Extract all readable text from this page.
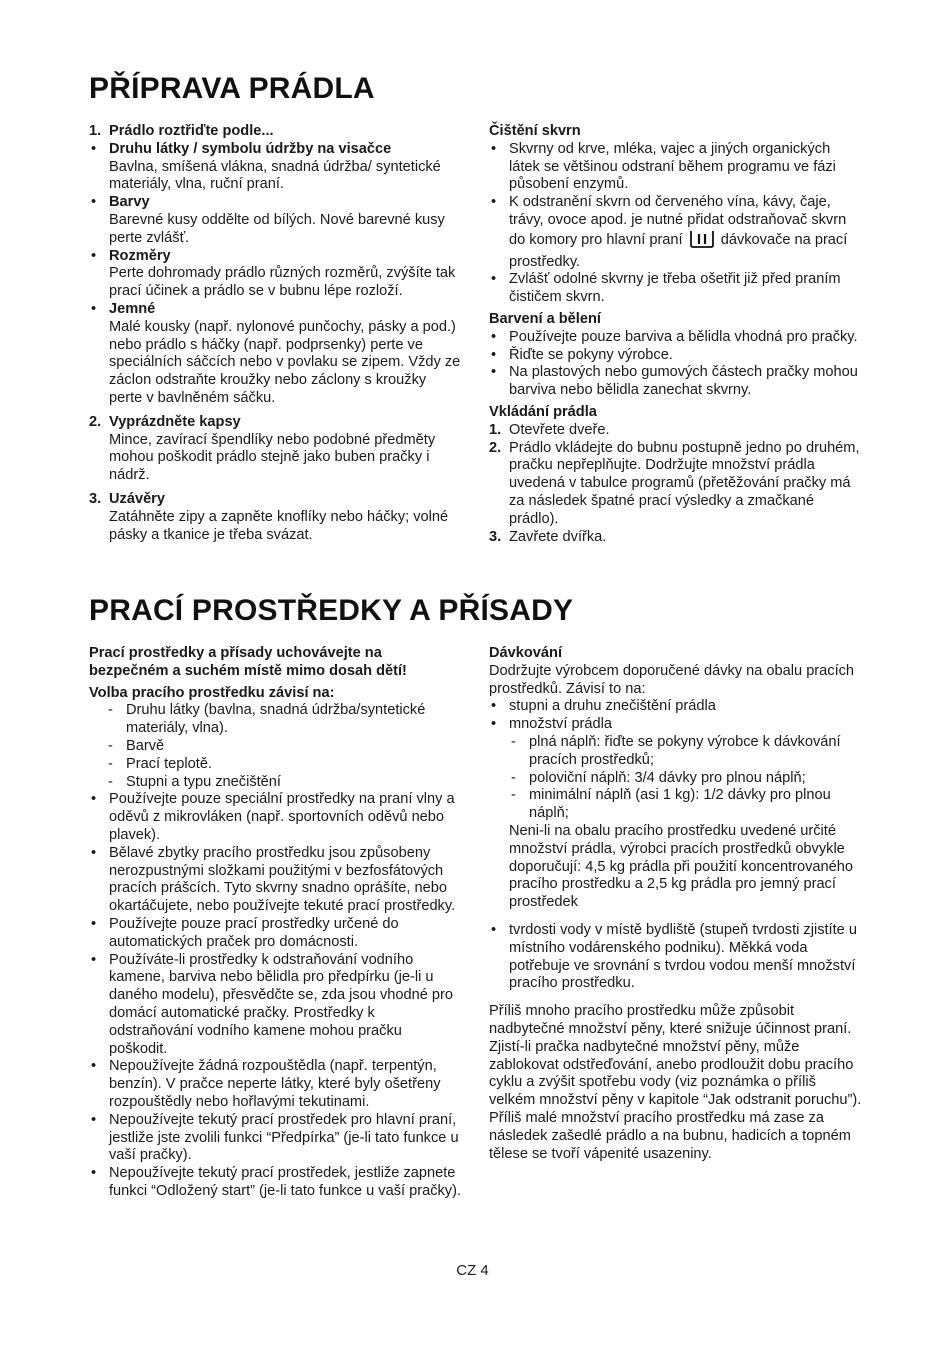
PŘÍPRAVA PRÁDLA
1. Prádlo roztřiďte podle...
• Druhu látky / symbolu údržby na visačce
Bavlna, smíšená vlákna, snadná údržba/ syntetické materiály, vlna, ruční praní.
• Barvy
Barevné kusy oddělte od bílých. Nové barevné kusy perte zvlášť.
• Rozměry
Perte dohromady prádlo různých rozměrů, zvýšíte tak prací účinek a prádlo se v bubnu lépe rozloží.
• Jemné
Malé kousky (např. nylonové punčochy, pásky a pod.) nebo prádlo s háčky (např. podprsenky) perte ve speciálních sáčcích nebo v povlaku se zipem. Vždy ze záclon odstraňte kroužky nebo záclony s kroužky perte v bavlněném sáčku.
2. Vyprázdněte kapsy
Mince, zavírací špendlíky nebo podobné předměty mohou poškodit prádlo stejně jako buben pračky i nádrž.
3. Uzávěry
Zatáhněte zipy a zapněte knoflíky nebo háčky; volné pásky a tkanice je třeba svázat.

Čištění skvrn

• Skvrny od krve, mléka, vajec a jiných organických látek se většinou odstraní během programu ve fázi působení enzymů.
• K odstranění skvrn od červeného vína, kávy, čaje, trávy, ovoce apod. je nutné přidat odstraňovač skvrn do komory pro hlavní praní	dávkovače na prací prostředky.
• Zvlášť odolné skvrny je třeba ošetřit již před praním čističem skvrn.

Barvení a bělení

• Používejte pouze barviva a bělidla vhodná pro pračky.
• Řiďte se pokyny výrobce.
• Na plastových nebo gumových částech pračky mohou barviva nebo bělidla zanechat skvrny.

Vkládání prádla

1. Otevřete dveře.
2. Prádlo vkládejte do bubnu postupně jedno po druhém, pračku nepřeplňujte. Dodržujte množství prádla uvedená v tabulce programů (přetěžování pračky má za následek špatné prací výsledky a zmačkané prádlo).
3. Zavřete dvířka.
PRACÍ PROSTŘEDKY A PŘÍSADY

Prací prostředky a přísady uchovávejte na bezpečném a suchém místě mimo dosah dětí!

Volba pracího prostředku závisí na:

- Druhu látky (bavlna, snadná údržba/syntetické materiály, vlna).
- Barvě
- Prací teplotě.
- Stupni a typu znečištění
• Používejte pouze speciální prostředky na praní vlny a oděvů z mikrovláken (např. sportovních oděvů nebo plavek).
• Bělavé zbytky pracího prostředku jsou způsobeny nerozpustnými složkami použitými v bezfosfátových pracích prášcích. Tyto skvrny snadno oprášíte, nebo okartáčujete, nebo používejte tekuté prací prostředky.
• Používejte pouze prací prostředky určené do automatických praček pro domácnosti.
• Používáte-li prostředky k odstraňování vodního kamene, barviva nebo bělidla pro předpírku (je-li u daného modelu), přesvědčte se, zda jsou vhodné pro domácí automatické pračky. Prostředky k odstraňování vodního kamene mohou pračku poškodit.
• Nepoužívejte žádná rozpouštědla (např. terpentýn, benzín). V pračce neperte látky, které byly ošetřeny rozpouštědly nebo hořlavými tekutinami.
• Nepoužívejte tekutý prací prostředek pro hlavní praní, jestliže jste zvolili funkci “Předpírka” (je-li tato funkce u vaší pračky).
• Nepoužívejte tekutý prací prostředek, jestliže zapnete funkci “Odložený start” (je-li tato funkce u vaší pračky).

Dávkování

Dodržujte výrobcem doporučené dávky na obalu pracích prostředků. Závisí to na:

• stupni a druhu znečištění prádla
• množství prádla
- plná náplň: řiďte se pokyny výrobce k dávkování pracích prostředků;
- poloviční náplň: 3/4 dávky pro plnou náplň;
- minimální náplň (asi 1 kg): 1/2 dávky pro plnou náplň;

Neni-li na obalu pracího prostředku uvedené určité množství prádla, výrobci pracích prostředků obvykle doporučují: 4,5 kg prádla při použití koncentrovaného pracího prostředku a 2,5 kg prádla pro jemný prací prostředek

• tvrdosti vody v místě bydliště (stupeň tvrdosti zjistíte u místního vodárenského podniku). Měkká voda potřebuje ve srovnání s tvrdou vodou menší množství pracího prostředku.

Příliš mnoho pracího prostředku může způsobit nadbytečné množství pěny, které snižuje účinnost praní.

Zjistí-li pračka nadbytečné množství pěny, může zablokovat odstřeďování, anebo prodloužit dobu pracího cyklu a zvýšit spotřebu vody (viz poznámka o příliš velkém množství pěny v kapitole “Jak odstranit poruchu”).

Příliš malé množství pracího prostředku má zase za následek zašedlé prádlo a na bubnu, hadicích a topném tělese se tvoří vápenité usazeniny.

CZ 4
